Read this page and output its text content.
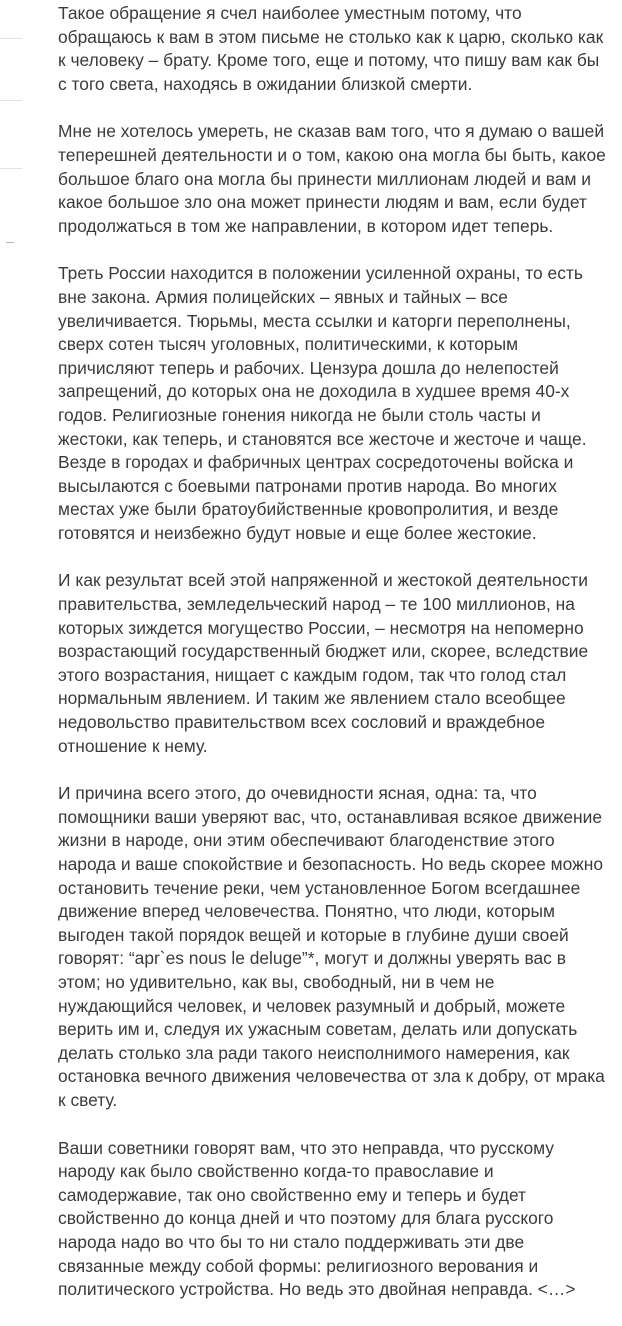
Такое обращение я счел наиболее уместным потому, что
обращаюсь к вам в этом письме не столько как к царю, сколько как
к человеку – брату. Кроме того, еще и потому, что пишу вам как бы
с того света, находясь в ожидании близкой смерти.

Мне не хотелось умереть, не сказав вам того, что я думаю о вашей
теперешней деятельности и о том, какою она могла бы быть, какое
большое благо она могла бы принести миллионам людей и вам и
какое большое зло она может принести людям и вам, если будет
продолжаться в том же направлении, в котором идет теперь.

Треть России находится в положении усиленной охраны, то есть
вне закона. Армия полицейских – явных и тайных – все
увеличивается. Тюрьмы, места ссылки и каторги переполнены,
сверх сотен тысяч уголовных, политическими, к которым
причисляют теперь и рабочих. Цензура дошла до нелепостей
запрещений, до которых она не доходила в худшее время 40-х
годов. Религиозные гонения никогда не были столь часты и
жестоки, как теперь, и становятся все жесточе и жесточе и чаще.
Везде в городах и фабричных центрах сосредоточены войска и
высылаются с боевыми патронами против народа. Во многих
местах уже были братоубийственные кровопролития, и везде
готовятся и неизбежно будут новые и еще более жестокие.

И как результат всей этой напряженной и жестокой деятельности
правительства, земледельческий народ – те 100 миллионов, на
которых зиждется могущество России, – несмотря на непомерно
возрастающий государственный бюджет или, скорее, вследствие
этого возрастания, нищает с каждым годом, так что голод стал
нормальным явлением. И таким же явлением стало всеобщее
недовольство правительством всех сословий и враждебное
отношение к нему.

И причина всего этого, до очевидности ясная, одна: та, что
помощники ваши уверяют вас, что, останавливая всякое движение
жизни в народе, они этим обеспечивают благоденствие этого
народа и ваше спокойствие и безопасность. Но ведь скорее можно
остановить течение реки, чем установленное Богом всегдашнее
движение вперед человечества. Понятно, что люди, которым
выгоден такой порядок вещей и которые в глубине души своей
говорят: “apr`es nous le deluge”*, могут и должны уверять вас в
этом; но удивительно, как вы, свободный, ни в чем не
нуждающийся человек, и человек разумный и добрый, можете
верить им и, следуя их ужасным советам, делать или допускать
делать столько зла ради такого неисполнимого намерения, как
остановка вечного движения человечества от зла к добру, от мрака
к свету.

Ваши советники говорят вам, что это неправда, что русскому
народу как было свойственно когда-то православие и
самодержавие, так оно свойственно ему и теперь и будет
свойственно до конца дней и что поэтому для блага русского
народа надо во что бы то ни стало поддерживать эти две
связанные между собой формы: религиозного верования и
политического устройства. Но ведь это двойная неправда. <…>
